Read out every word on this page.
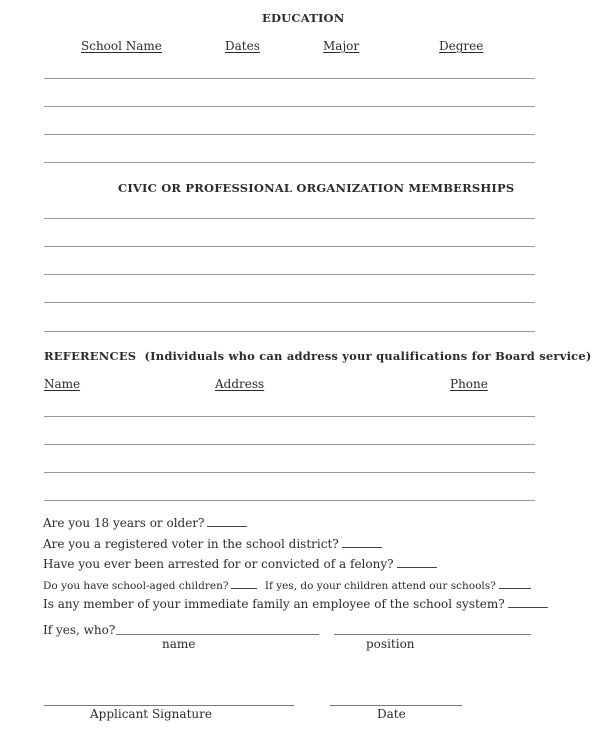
EDUCATION
School Name	Dates	Major	Degree
CIVIC OR PROFESSIONAL ORGANIZATION MEMBERSHIPS
REFERENCES (Individuals who can address your qualifications for Board service)
Name	Address	Phone
Are you 18 years or older?
Are you a registered voter in the school district?
Have you ever been arrested for or convicted of a felony?
Do you have school-aged children?	If yes, do your children attend our schools?
Is any member of your immediate family an employee of the school system?
If yes, who?
name	position
Applicant Signature	Date
